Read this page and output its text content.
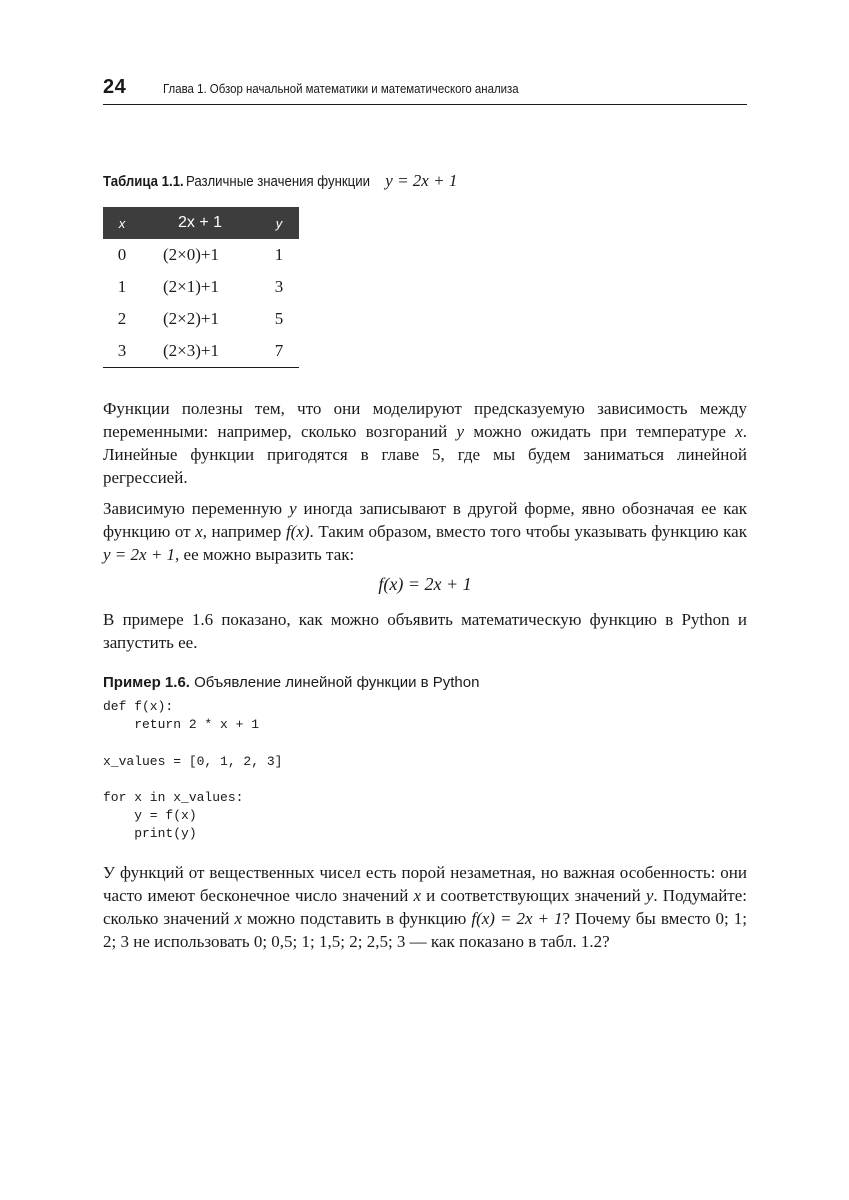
24	Глава 1. Обзор начальной математики и математического анализа
Таблица 1.1. Различные значения функции y = 2x + 1
x	2x + 1	y
0	(2×0)+1	1
1	(2×1)+1	3
2	(2×2)+1	5
3	(2×3)+1	7

Функции полезны тем, что они моделируют предсказуемую зависимость между переменными: например, сколько возгораний y можно ожидать при температуре x. Линейные функции пригодятся в главе 5, где мы будем заниматься линейной регрессией.

Зависимую переменную y иногда записывают в другой форме, явно обозначая ее как функцию от x, например f(x). Таким образом, вместо того чтобы указывать функцию как y = 2x + 1, ее можно выразить так:

f(x) = 2x + 1

В примере 1.6 показано, как можно объявить математическую функцию в Python и запустить ее.

Пример 1.6. Объявление линейной функции в Python
def f(x):
return 2 * x + 1

x_values = [0, 1, 2, 3]

for x in x_values:
y = f(x)
print(y)

У функций от вещественных чисел есть порой незаметная, но важная особенность: они часто имеют бесконечное число значений x и соответствующих значений y. Подумайте: сколько значений x можно подставить в функцию f(x) = 2x + 1? Почему бы вместо 0; 1; 2; 3 не использовать 0; 0,5; 1; 1,5; 2; 2,5; 3 — как показано в табл. 1.2?
